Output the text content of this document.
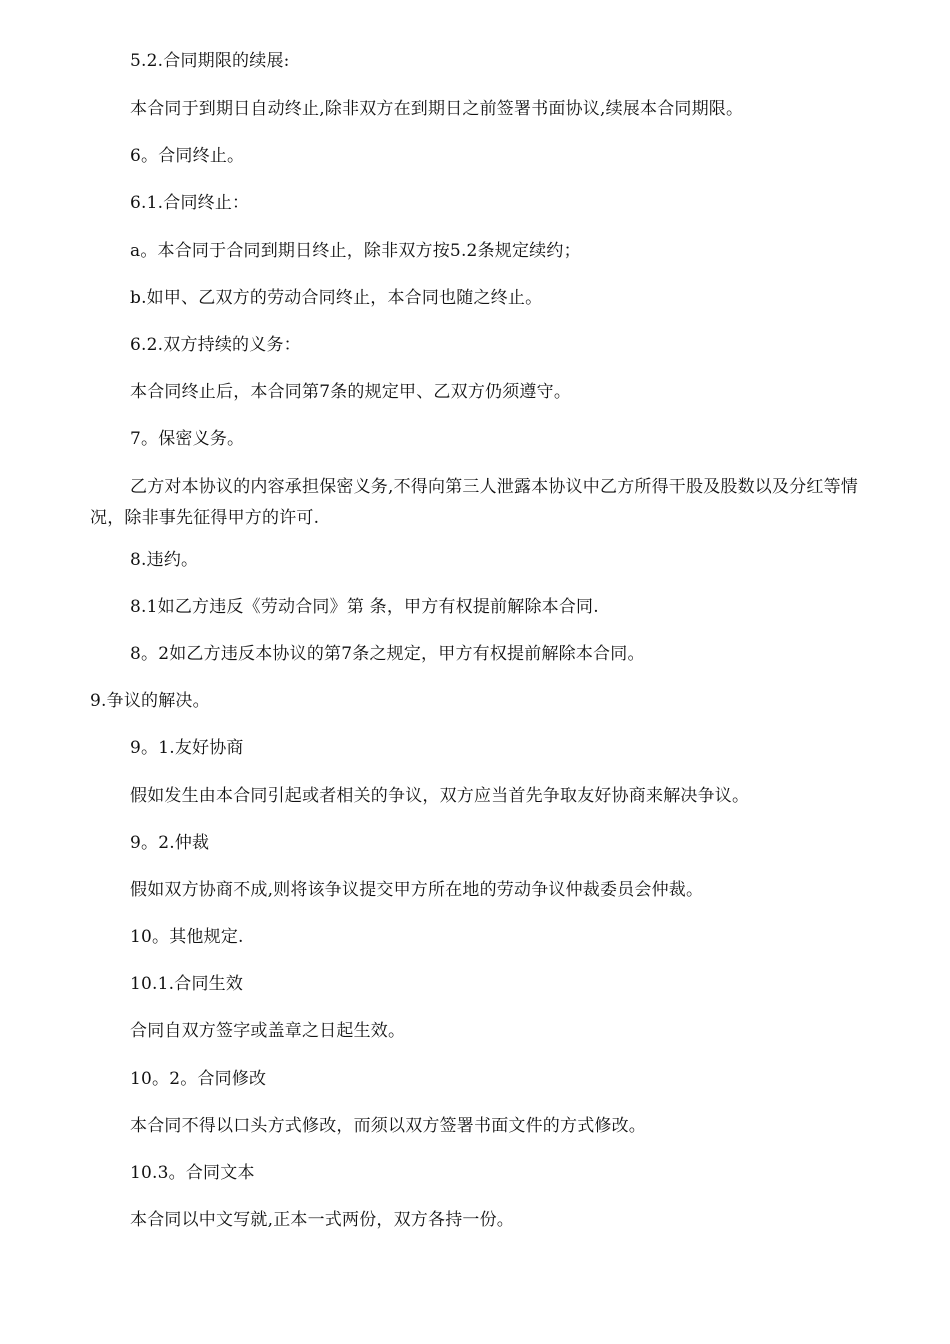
5.2.合同期限的续展:
本合同于到期日自动终止,除非双方在到期日之前签署书面协议,续展本合同期限。
6。合同终止。
6.1.合同终止：
a。本合同于合同到期日终止，除非双方按5.2条规定续约；
b.如甲、乙双方的劳动合同终止，本合同也随之终止。
6.2.双方持续的义务：
本合同终止后，本合同第7条的规定甲、乙双方仍须遵守。
7。保密义务。
乙方对本协议的内容承担保密义务,不得向第三人泄露本协议中乙方所得干股及股数以及分红等情况，除非事先征得甲方的许可.
8.违约。
8.1如乙方违反《劳动合同》第 条，甲方有权提前解除本合同.
8。2如乙方违反本协议的第7条之规定，甲方有权提前解除本合同。
9.争议的解决。
9。1.友好协商
假如发生由本合同引起或者相关的争议，双方应当首先争取友好协商来解决争议。
9。2.仲裁
假如双方协商不成,则将该争议提交甲方所在地的劳动争议仲裁委员会仲裁。
10。其他规定.
10.1.合同生效
合同自双方签字或盖章之日起生效。
10。2。合同修改
本合同不得以口头方式修改，而须以双方签署书面文件的方式修改。
10.3。合同文本
本合同以中文写就,正本一式两份，双方各持一份。
